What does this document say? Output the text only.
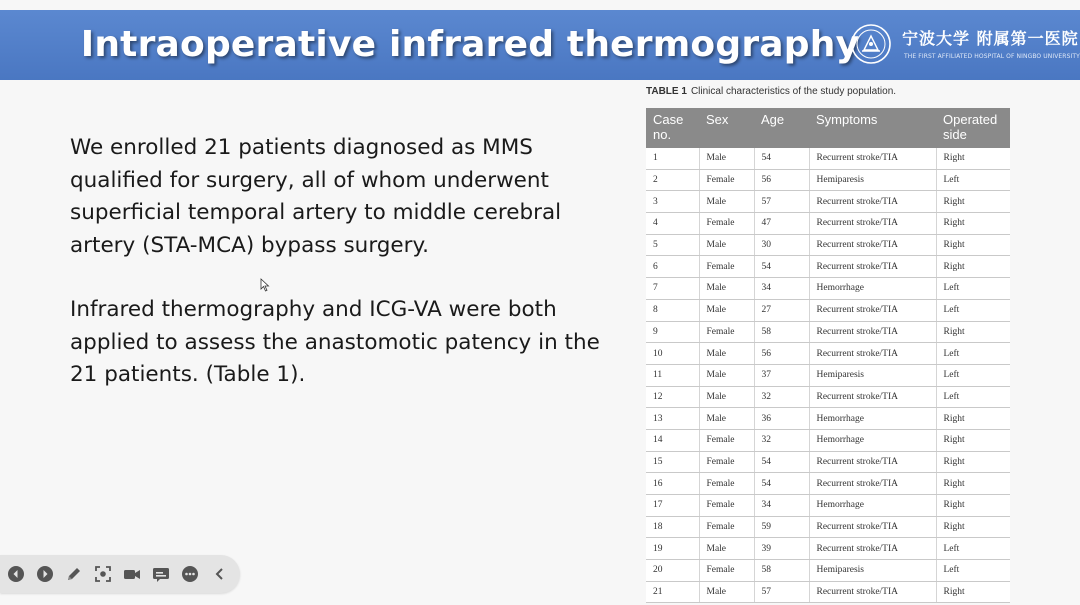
Intraoperative infrared thermography	宁波大学 附属第一医院
THE FIRST AFFILIATED HOSPITAL OF NINGBO UNIVERSITY

We enrolled 21 patients diagnosed as MMS qualified for surgery, all of whom underwent superficial temporal artery to middle cerebral artery (STA-MCA) bypass surgery.

Infrared thermography and ICG-VA were both applied to assess the anastomotic patency in the 21 patients. (Table 1).

TABLE 1 Clinical characteristics of the study population.
Case no.	Sex	Age	Symptoms	Operated side
1	Male	54	Recurrent stroke/TIA	Right
2	Female	56	Hemiparesis	Left
3	Male	57	Recurrent stroke/TIA	Right
4	Female	47	Recurrent stroke/TIA	Right
5	Male	30	Recurrent stroke/TIA	Right
6	Female	54	Recurrent stroke/TIA	Right
7	Male	34	Hemorrhage	Left
8	Male	27	Recurrent stroke/TIA	Left
9	Female	58	Recurrent stroke/TIA	Right
10	Male	56	Recurrent stroke/TIA	Left
11	Male	37	Hemiparesis	Left
12	Male	32	Recurrent stroke/TIA	Left
13	Male	36	Hemorrhage	Right
14	Female	32	Hemorrhage	Right
15	Female	54	Recurrent stroke/TIA	Right
16	Female	54	Recurrent stroke/TIA	Right
17	Female	34	Hemorrhage	Right
18	Female	59	Recurrent stroke/TIA	Right
19	Male	39	Recurrent stroke/TIA	Left
20	Female	58	Hemiparesis	Left
21	Male	57	Recurrent stroke/TIA	Right
